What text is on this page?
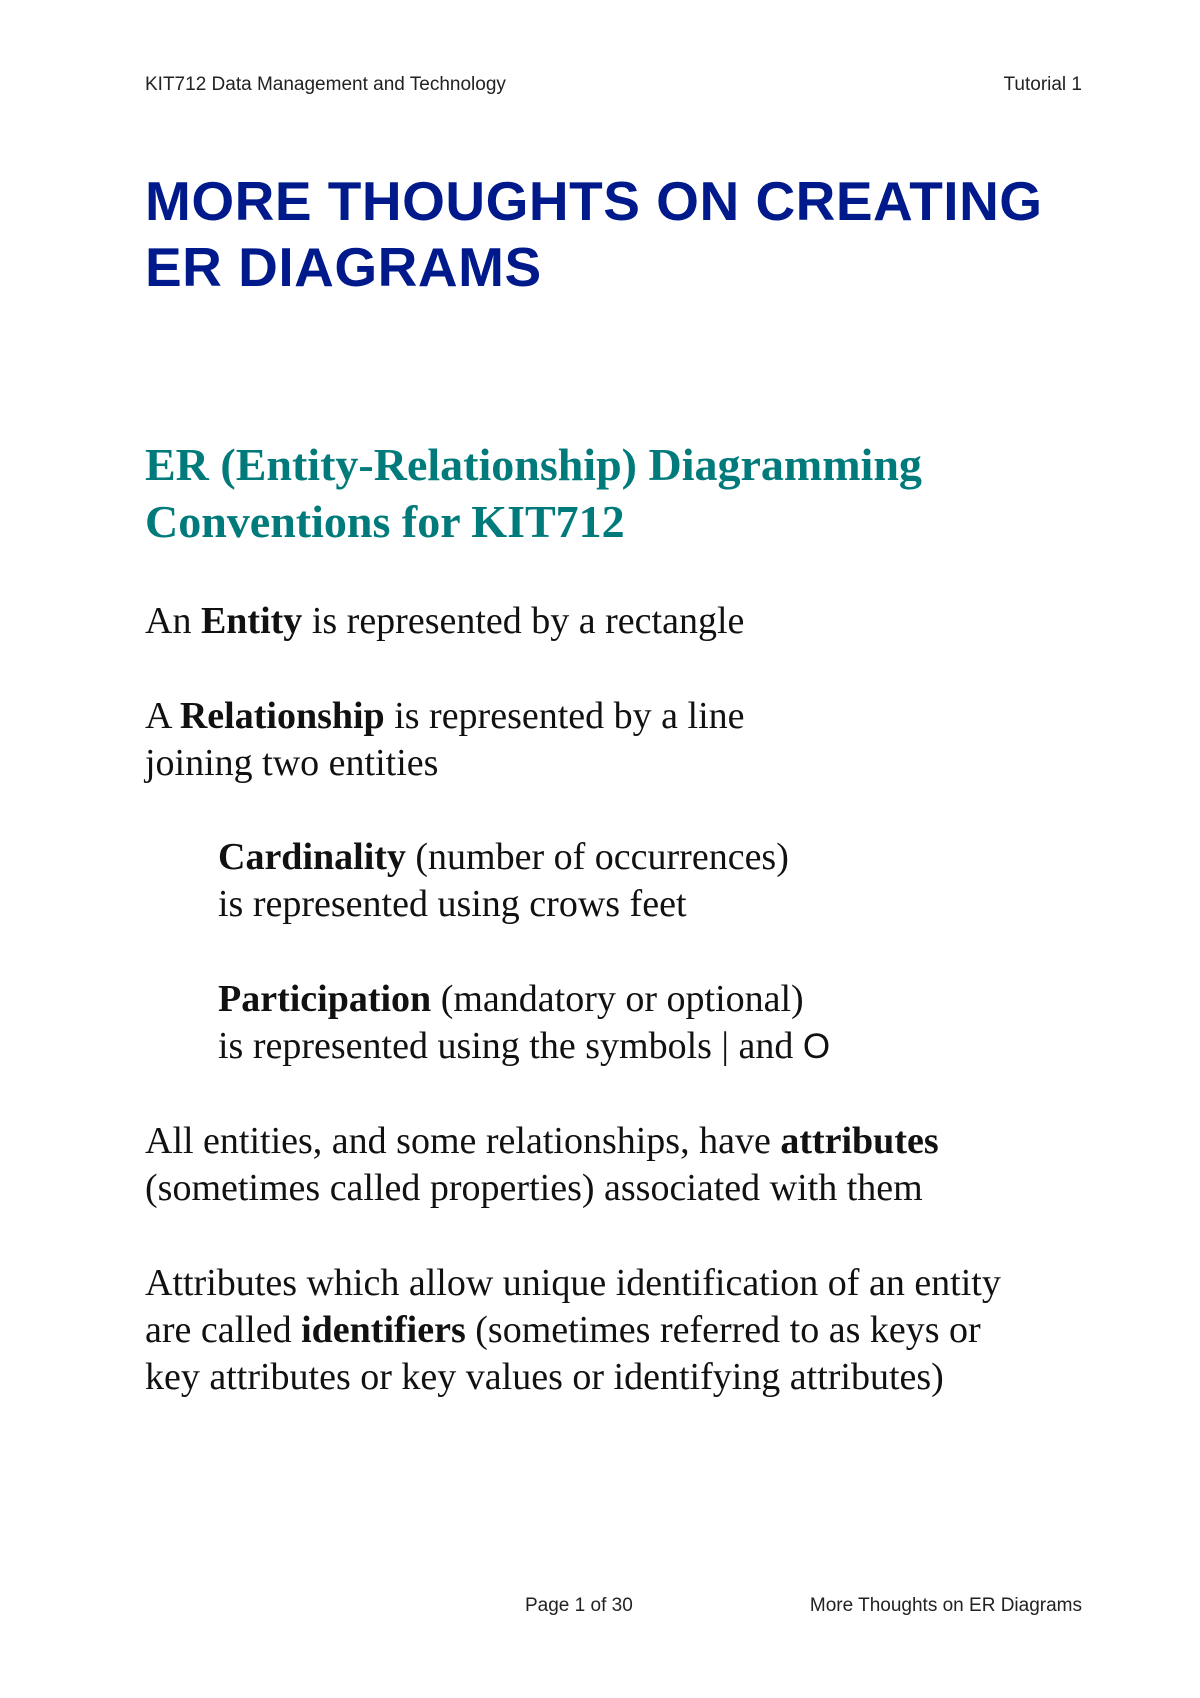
KIT712 Data Management and Technology	Tutorial 1
MORE THOUGHTS ON CREATING
ER DIAGRAMS
ER (Entity-Relationship) Diagramming
Conventions for KIT712

An Entity is represented by a rectangle

A Relationship is represented by a line
joining two entities

Cardinality (number of occurrences)
is represented using crows feet

Participation (mandatory or optional)
is represented using the symbols | and O

All entities, and some relationships, have attributes
(sometimes called properties) associated with them

Attributes which allow unique identification of an entity
are called identifiers (sometimes referred to as keys or
key attributes or key values or identifying attributes)

Page 1 of 30	More Thoughts on ER Diagrams
